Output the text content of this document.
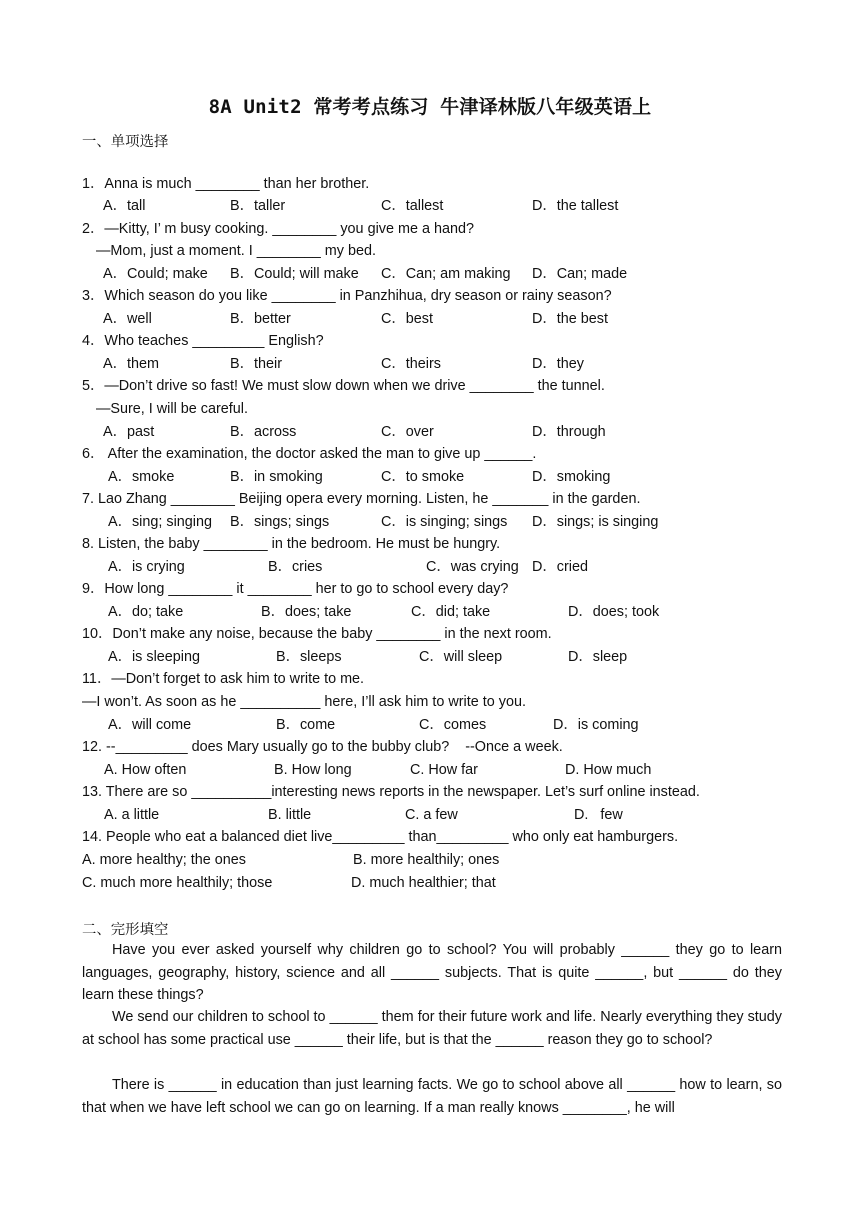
8A Unit2 常考考点练习 牛津译林版八年级英语上
一、单项选择
1．Anna is much ________ than her brother.
A．tall	B．taller	C．tallest	D．the tallest
2．—Kitty, I’ m busy cooking. ________ you give me a hand?
—Mom, just a moment. I ________ my bed.
A．Could; make B．Could; will make C．Can; am making D．Can; made
3．Which season do you like ________ in Panzhihua, dry season or rainy season?
A．well	B．better	C．best	D．the best
4．Who teaches _________ English?
A．them	B．their	C．theirs	D．they
5．—Don’t drive so fast! We must slow down when we drive ________ the tunnel.
—Sure, I will be careful.
A．past	B．across	C．over	D．through
6． After the examination, the doctor asked the man to give up ______.
A．smoke	B．in smoking	C．to smoke	D．smoking
7. Lao Zhang ________ Beijing opera every morning. Listen, he _______ in the garden.
A．sing; singing B．sings; sings	C．is singing; sings D．sings; is singing
8. Listen, the baby ________ in the bedroom. He must be hungry.
A．is crying	B．cries	C．was crying D．cried
9．How long ________ it ________ her to go to school every day?
A．do; take	B．does; take	C．did; take	D．does; took
10．Don’t make any noise, because the baby ________ in the next room.
A．is sleeping	B．sleeps	C．will sleep	D．sleep
11．—Don’t forget to ask him to write to me.
—I won’t. As soon as he __________ here, I’ll ask him to write to you.
A．will come	B．come	C．comes	D．is coming
12. --_________ does Mary usually go to the bubby club?    --Once a week.
A. How often	B. How long	C. How far	D. How much
13. There are so __________interesting news reports in the newspaper. Let’s surf online instead.
A. a little	B. little	C. a few	D.   few
14. People who eat a balanced diet live_________ than_________ who only eat hamburgers.
A. more healthy; the ones	B. more healthily; ones
C. much more healthily; those	D. much healthier; that
二、完形填空
Have you ever asked yourself why children go to school? You will probably ______ they go to learn languages, geography, history, science and all ______ subjects. That is quite ______, but ______ do they learn these things?
We send our children to school to ______ them for their future work and life. Nearly everything they study at school has some practical use ______ their life, but is that the ______ reason they go to school?
There is ______ in education than just learning facts. We go to school above all ______ how to learn, so that when we have left school we can go on learning. If a man really knows ________, he will
